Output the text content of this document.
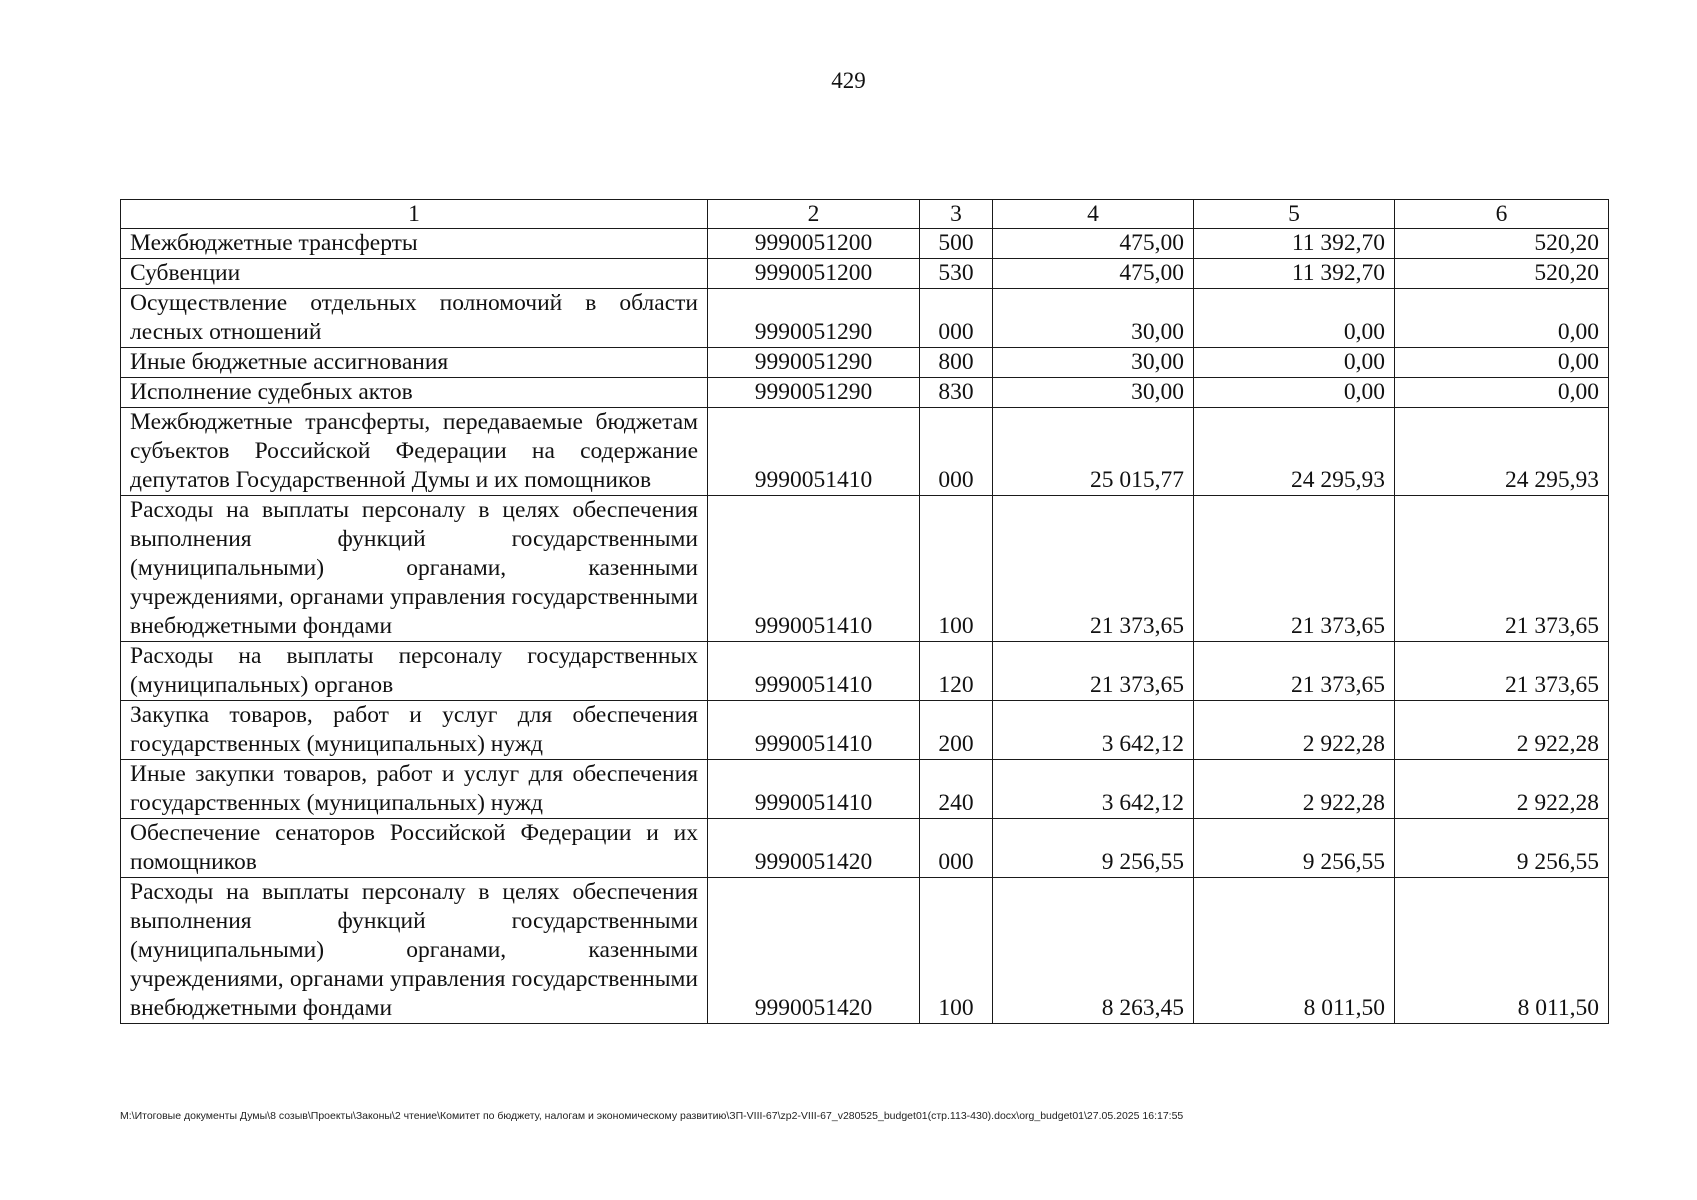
429
1	2	3	4	5	6
Межбюджетные трансферты	9990051200	500	475,00	11 392,70	520,20
Субвенции	9990051200	530	475,00	11 392,70	520,20
Осуществление отдельных полномочий в области лесных отношений	9990051290	000	30,00	0,00	0,00
Иные бюджетные ассигнования	9990051290	800	30,00	0,00	0,00
Исполнение судебных актов	9990051290	830	30,00	0,00	0,00
Межбюджетные трансферты, передаваемые бюджетам субъектов Российской Федерации на содержание депутатов Государственной Думы и их помощников	9990051410	000	25 015,77	24 295,93	24 295,93
Расходы на выплаты персоналу в целях обеспечения выполнения функций государственными (муниципальными) органами, казенными учреждениями, органами управления государственными внебюджетными фондами	9990051410	100	21 373,65	21 373,65	21 373,65
Расходы на выплаты персоналу государственных (муниципальных) органов	9990051410	120	21 373,65	21 373,65	21 373,65
Закупка товаров, работ и услуг для обеспечения государственных (муниципальных) нужд	9990051410	200	3 642,12	2 922,28	2 922,28
Иные закупки товаров, работ и услуг для обеспечения государственных (муниципальных) нужд	9990051410	240	3 642,12	2 922,28	2 922,28
Обеспечение сенаторов Российской Федерации и их помощников	9990051420	000	9 256,55	9 256,55	9 256,55
Расходы на выплаты персоналу в целях обеспечения выполнения функций государственными (муниципальными) органами, казенными учреждениями, органами управления государственными внебюджетными фондами	9990051420	100	8 263,45	8 011,50	8 011,50
M:\Итоговые документы Думы\8 созыв\Проекты\Законы\2 чтение\Комитет по бюджету, налогам и экономическому развитию\ЗП-VIII-67\zp2-VIII-67_v280525_budget01(стр.113-430).docx\org_budget01\27.05.2025 16:17:55
